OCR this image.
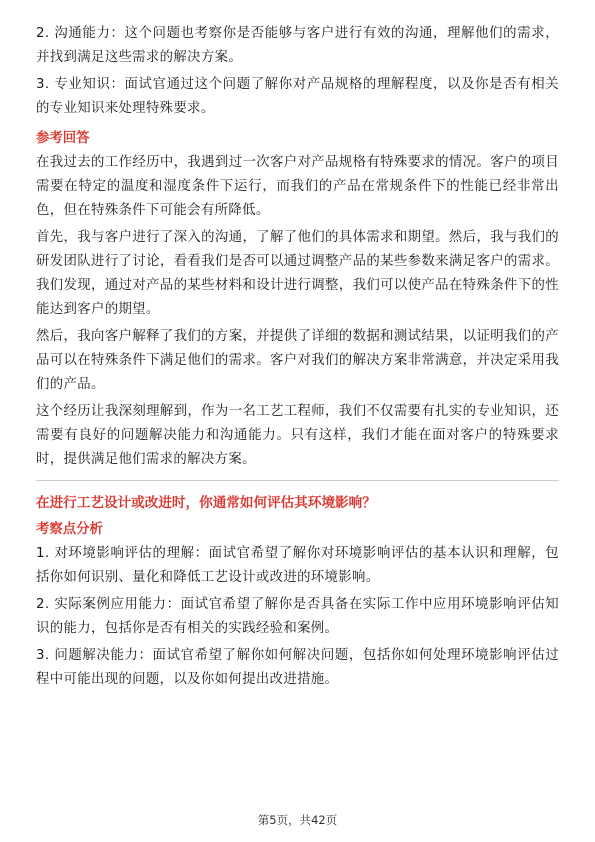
2. 沟通能力：这个问题也考察你是否能够与客户进行有效的沟通，理解他们的需求，并找到满足这些需求的解决方案。

3. 专业知识：面试官通过这个问题了解你对产品规格的理解程度，以及你是否有相关的专业知识来处理特殊要求。

参考回答

在我过去的工作经历中，我遇到过一次客户对产品规格有特殊要求的情况。客户的项目需要在特定的温度和湿度条件下运行，而我们的产品在常规条件下的性能已经非常出色，但在特殊条件下可能会有所降低。

首先，我与客户进行了深入的沟通，了解了他们的具体需求和期望。然后，我与我们的研发团队进行了讨论，看看我们是否可以通过调整产品的某些参数来满足客户的需求。我们发现，通过对产品的某些材料和设计进行调整，我们可以使产品在特殊条件下的性能达到客户的期望。

然后，我向客户解释了我们的方案，并提供了详细的数据和测试结果，以证明我们的产品可以在特殊条件下满足他们的需求。客户对我们的解决方案非常满意，并决定采用我们的产品。

这个经历让我深刻理解到，作为一名工艺工程师，我们不仅需要有扎实的专业知识，还需要有良好的问题解决能力和沟通能力。只有这样，我们才能在面对客户的特殊要求时，提供满足他们需求的解决方案。

在进行工艺设计或改进时，你通常如何评估其环境影响？
考察点分析

1. 对环境影响评估的理解：面试官希望了解你对环境影响评估的基本认识和理解，包括你如何识别、量化和降低工艺设计或改进的环境影响。

2. 实际案例应用能力：面试官希望了解你是否具备在实际工作中应用环境影响评估知识的能力，包括你是否有相关的实践经验和案例。

3. 问题解决能力：面试官希望了解你如何解决问题，包括你如何处理环境影响评估过程中可能出现的问题，以及你如何提出改进措施。

第5页，共42页
